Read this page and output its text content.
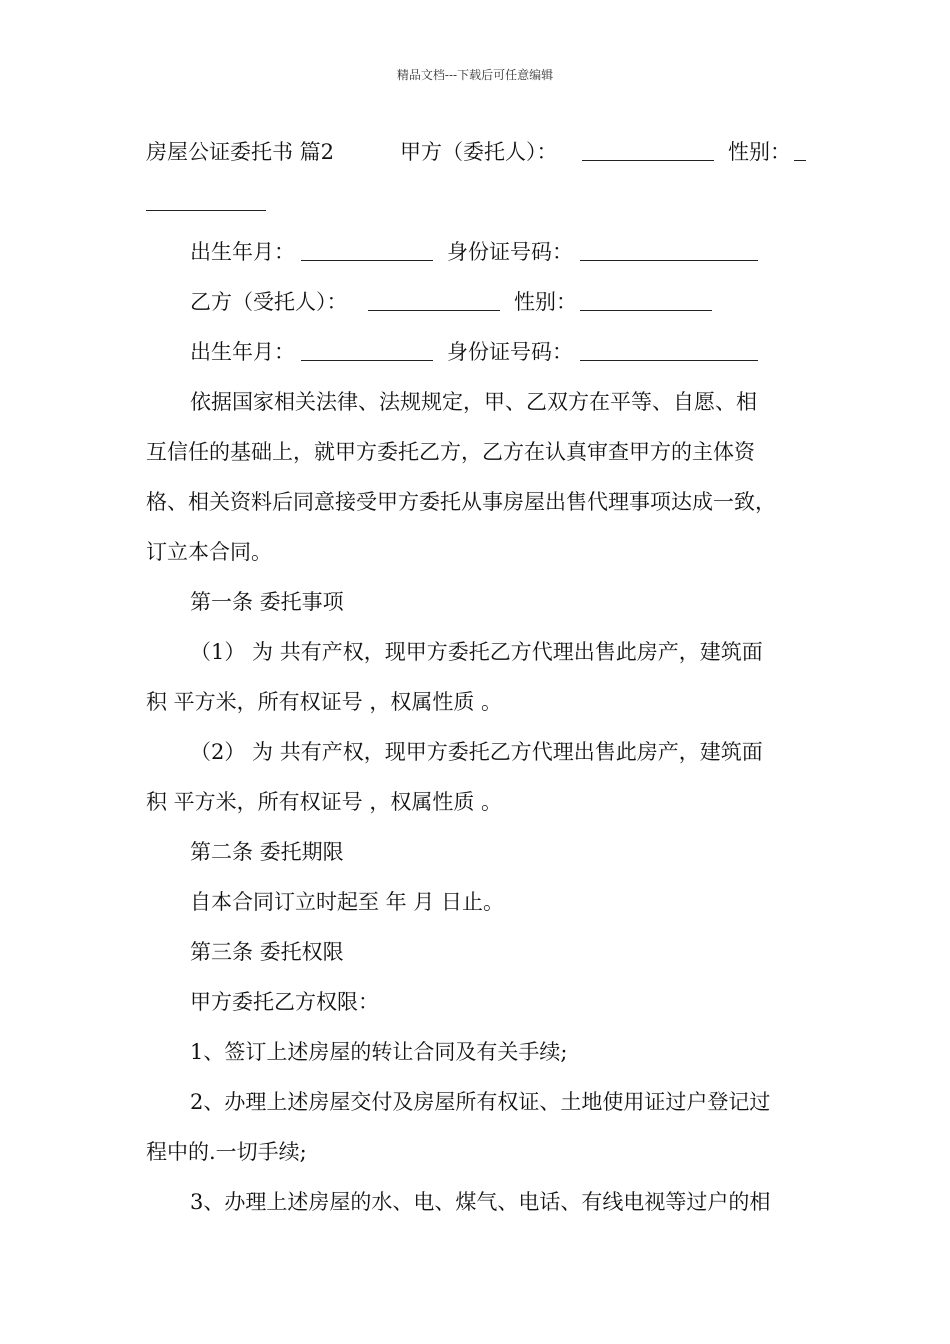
精品文档---下载后可任意编辑
房屋公证委托书 篇2	甲方（委托人）：	性别：
出生年月：	身份证号码：
乙方（受托人）：	性别：
出生年月：	身份证号码：
依据国家相关法律、法规规定，甲、乙双方在平等、自愿、相
互信任的基础上，就甲方委托乙方，乙方在认真审查甲方的主体资
格、相关资料后同意接受甲方委托从事房屋出售代理事项达成一致，
订立本合同。
第一条 委托事项
（1） 为 共有产权，现甲方委托乙方代理出售此房产，建筑面
积 平方米，所有权证号 ，权属性质 。
（2） 为 共有产权，现甲方委托乙方代理出售此房产，建筑面
积 平方米，所有权证号 ，权属性质 。
第二条 委托期限
自本合同订立时起至 年 月 日止。
第三条 委托权限
甲方委托乙方权限：
1、签订上述房屋的转让合同及有关手续;
2、办理上述房屋交付及房屋所有权证、土地使用证过户登记过
程中的.一切手续;
3、办理上述房屋的水、电、煤气、电话、有线电视等过户的相
